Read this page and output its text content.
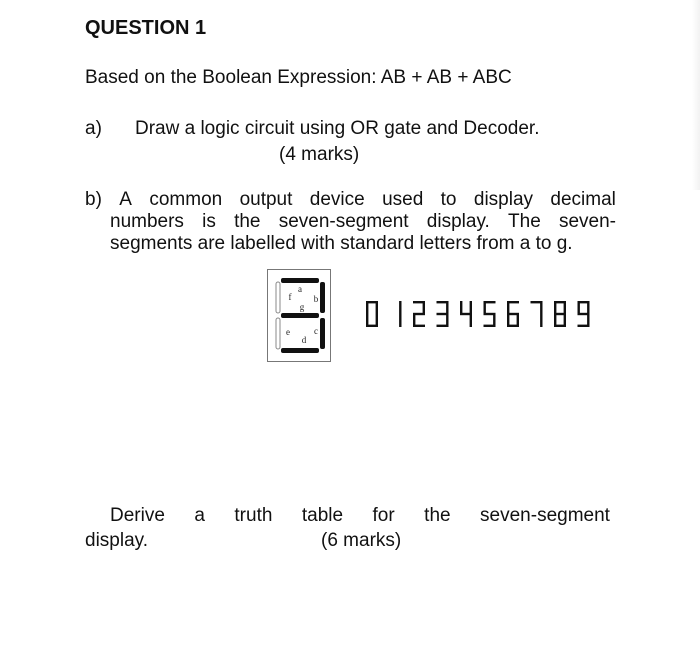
QUESTION 1
Based on the Boolean Expression: AB + AB + ABC
a) Draw a logic circuit using OR gate and Decoder.
(4 marks)
b) A common output device used to display decimal
numbers is the seven-segment display. The seven-
segments are labelled with standard letters from a to g.
a
b
c
d
e
f
g
Derive a truth table for the seven-segment
display.	(6 marks)
